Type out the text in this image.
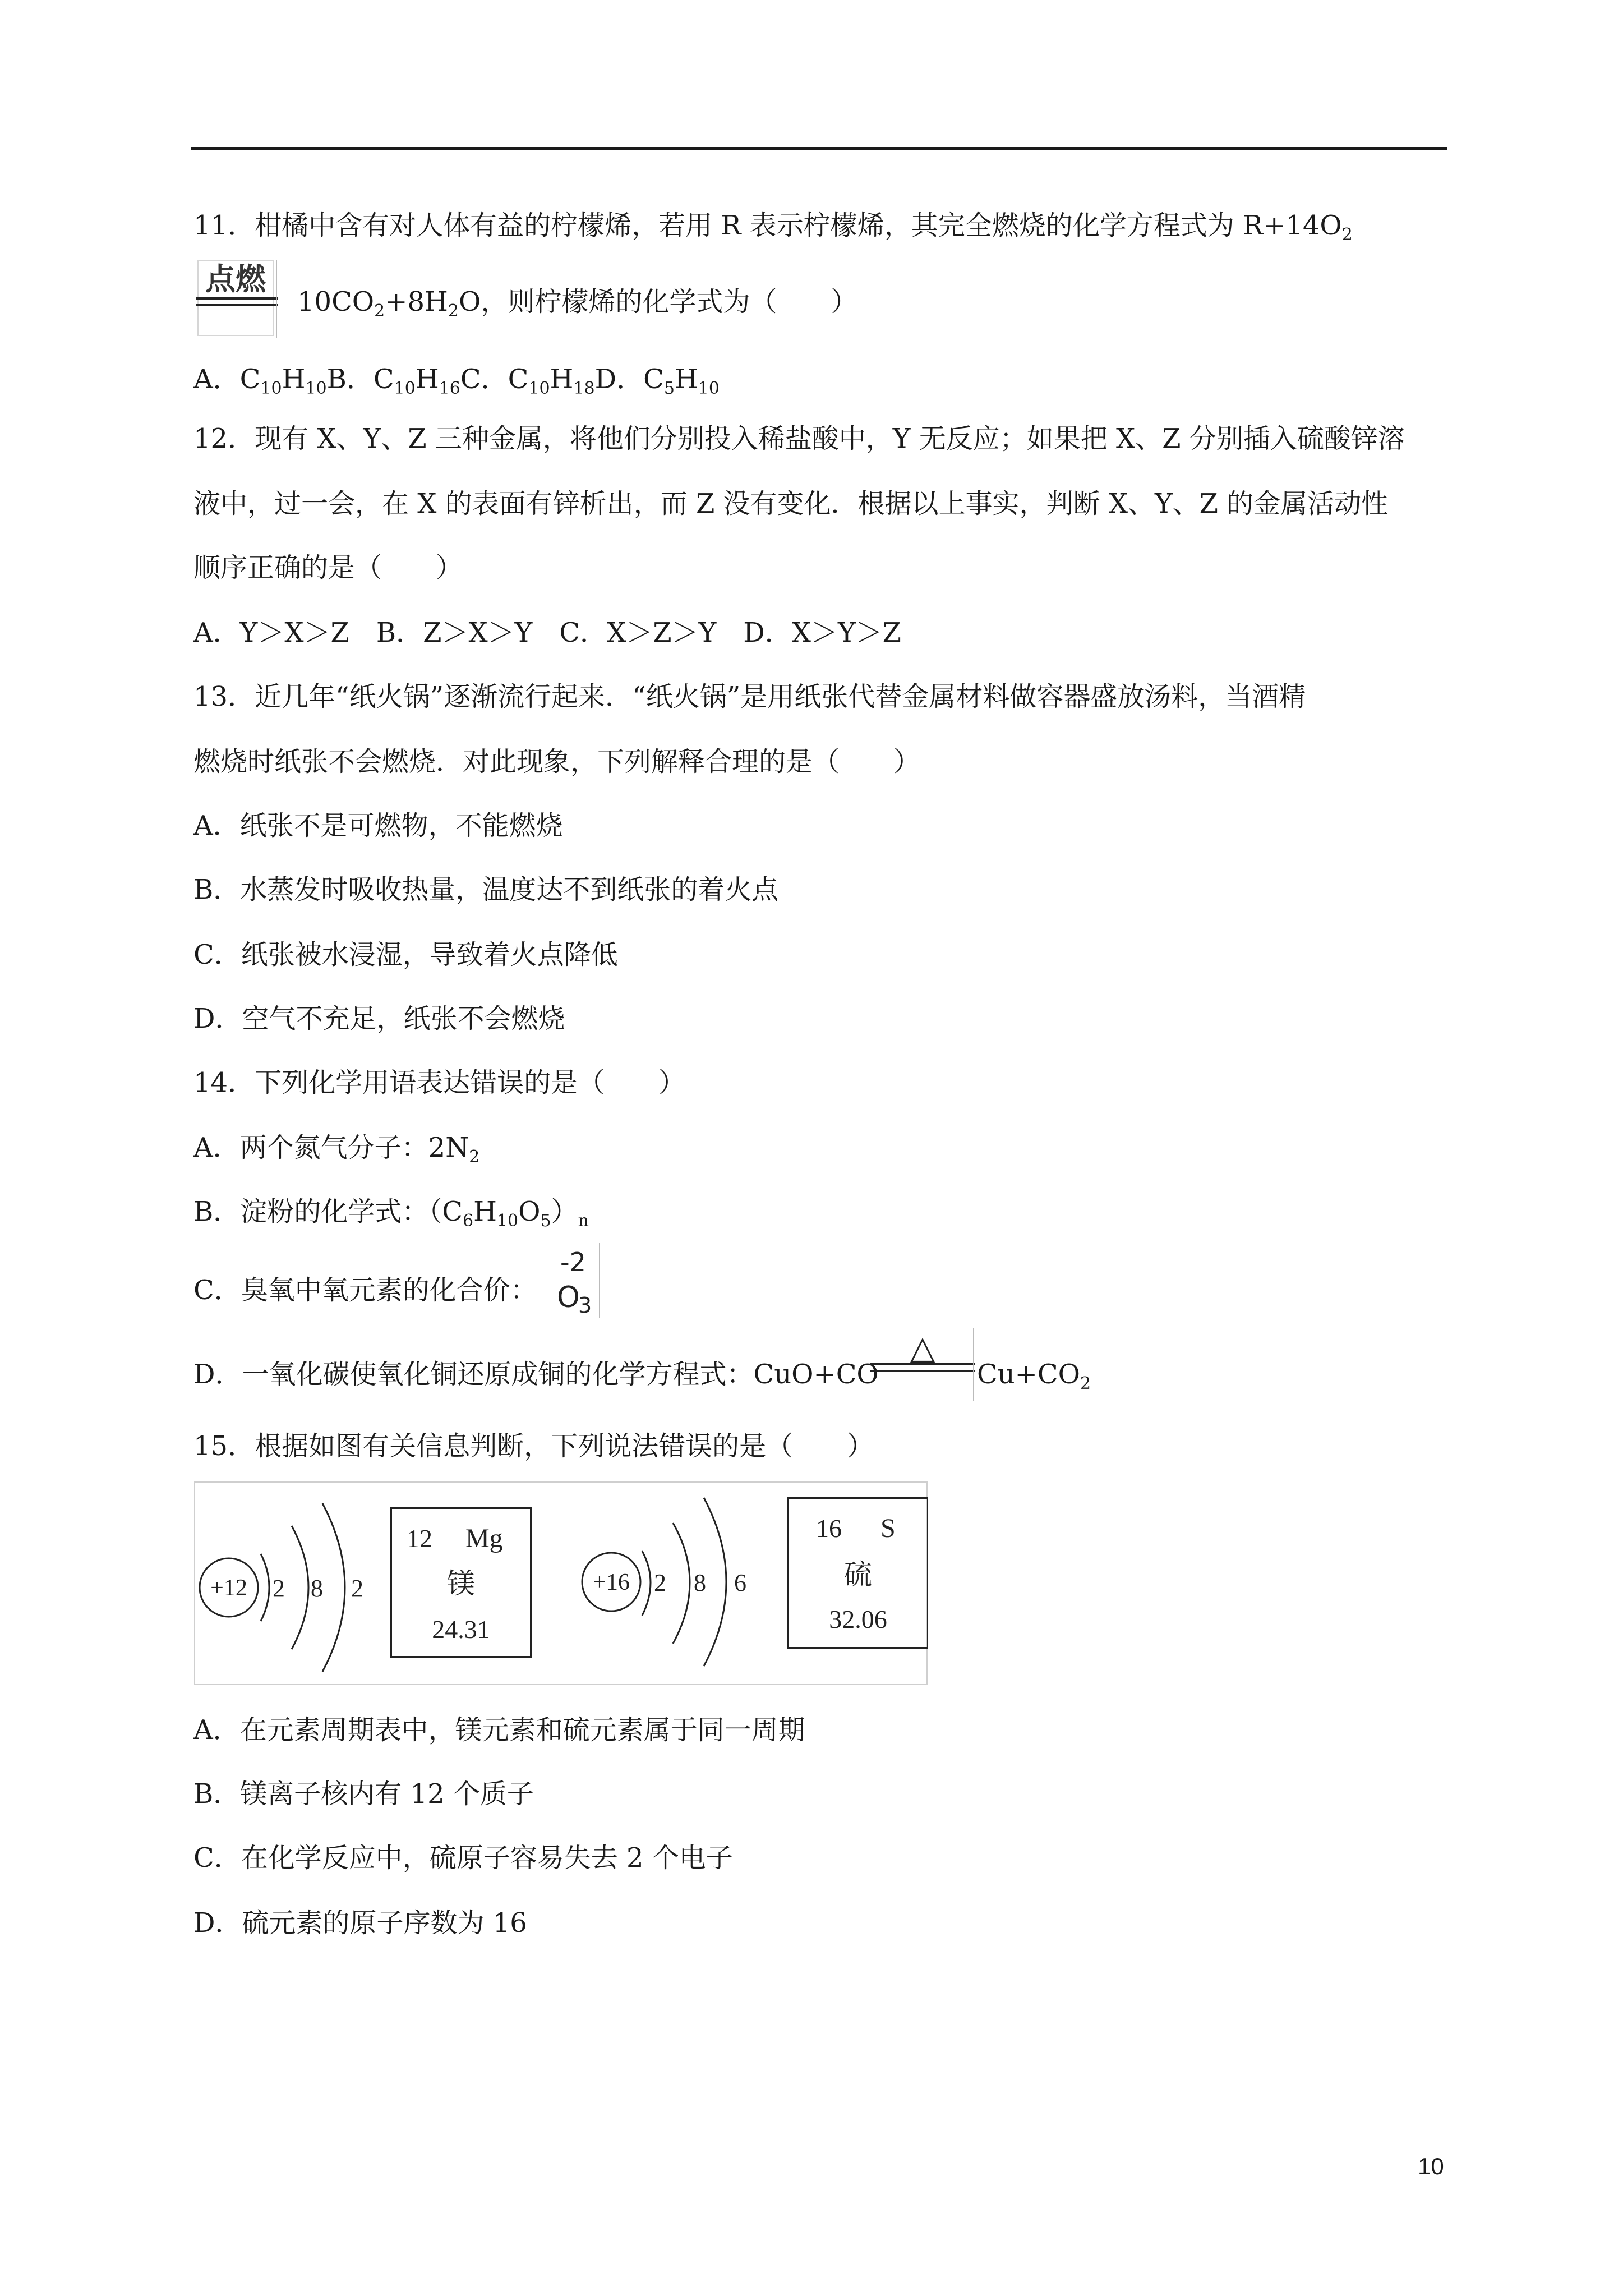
11．柑橘中含有对人体有益的柠檬烯，若用 R 表示柠檬烯，其完全燃烧的化学方程式为 $R+14O_2$
点燃
$10CO_2+8H_2O$，则柠檬烯的化学式为（　　）
A．$C_{10}H_{10}B$．$C_{10}H_{16}C$．$C_{10}H_{18}D$．$C_5H_{10}$
12．现有 X、Y、Z 三种金属，将他们分别投入稀盐酸中，Y 无反应；如果把 X、Z 分别插入硫酸锌溶
液中，过一会，在 X 的表面有锌析出，而 Z 没有变化．根据以上事实，判断 X、Y、Z 的金属活动性
顺序正确的是（　　）
A．Y＞X＞Z　B．Z＞X＞Y　C．X＞Z＞Y　D．X＞Y＞Z
13．近几年“纸火锅”逐渐流行起来．“纸火锅”是用纸张代替金属材料做容器盛放汤料，当酒精
燃烧时纸张不会燃烧．对此现象，下列解释合理的是（　　）
A．纸张不是可燃物，不能燃烧
B．水蒸发时吸收热量，温度达不到纸张的着火点
C．纸张被水浸湿，导致着火点降低
D．空气不充足，纸张不会燃烧
14．下列化学用语表达错误的是（　　）
A．两个氮气分子：$2N_2$
B．淀粉的化学式：$(C_6H_{10}O_5)_n$
C．臭氧中氧元素的化合价：
-2
O
3
D．一氧化碳使氧化铜还原成铜的化学方程式：CuO+CO
△
$Cu+CO_2$
15．根据如图有关信息判断，下列说法错误的是（　　）
+12 2 8 2
12 Mg
镁
24.31
+16 2 8 6
16 S
硫
32.06
A．在元素周期表中，镁元素和硫元素属于同一周期
B．镁离子核内有 12 个质子
C．在化学反应中，硫原子容易失去 2 个电子
D．硫元素的原子序数为 16
10
